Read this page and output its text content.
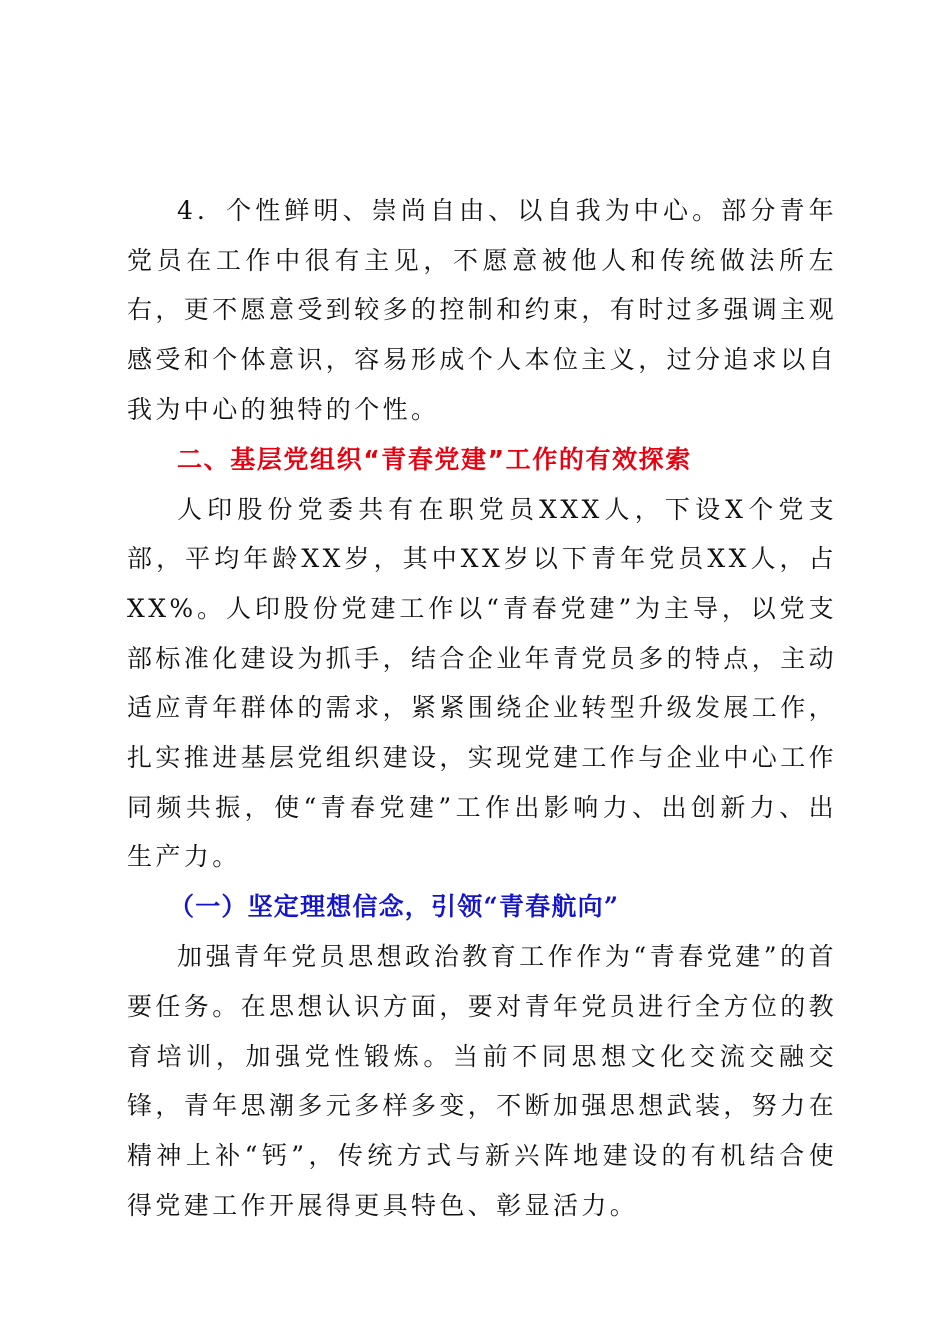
4．个性鲜明、崇尚自由、以自我为中心。部分青年党员在工作中很有主见，不愿意被他人和传统做法所左右，更不愿意受到较多的控制和约束，有时过多强调主观感受和个体意识，容易形成个人本位主义，过分追求以自我为中心的独特的个性。

二、基层党组织“青春党建”工作的有效探索

人印股份党委共有在职党员XXX人，下设X个党支部，平均年龄XX岁，其中XX岁以下青年党员XX人，占XX%。人印股份党建工作以“青春党建”为主导，以党支部标准化建设为抓手，结合企业年青党员多的特点，主动适应青年群体的需求，紧紧围绕企业转型升级发展工作，扎实推进基层党组织建设，实现党建工作与企业中心工作同频共振，使“青春党建”工作出影响力、出创新力、出生产力。

（一）坚定理想信念，引领“青春航向”

加强青年党员思想政治教育工作作为“青春党建”的首要任务。在思想认识方面，要对青年党员进行全方位的教育培训，加强党性锻炼。当前不同思想文化交流交融交锋，青年思潮多元多样多变，不断加强思想武装，努力在精神上补“钙”，传统方式与新兴阵地建设的有机结合使得党建工作开展得更具特色、彰显活力。
